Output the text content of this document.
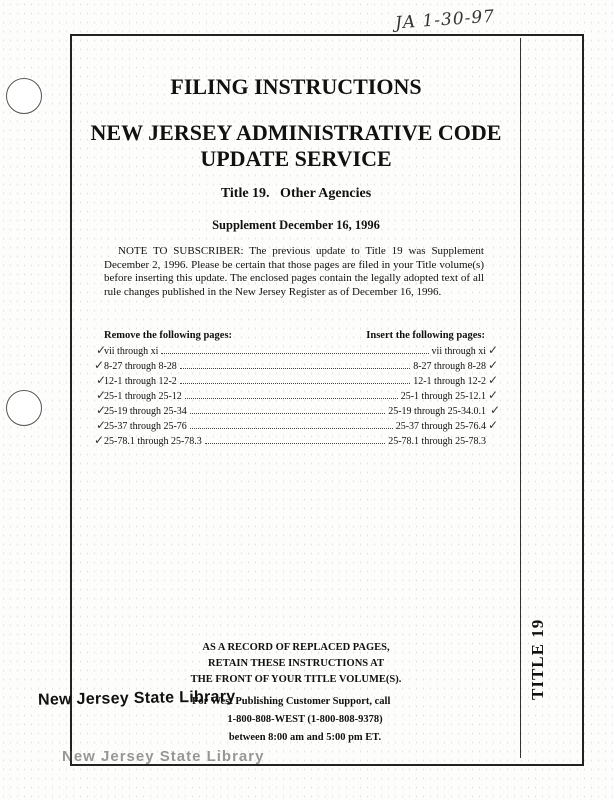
JA 1-30-97
FILING INSTRUCTIONS
NEW JERSEY ADMINISTRATIVE CODE
UPDATE SERVICE
Title 19.   Other Agencies
Supplement December 16, 1996
NOTE TO SUBSCRIBER: The previous update to Title 19 was Supplement December 2, 1996. Please be certain that those pages are filed in your Title volume(s) before inserting this update. The enclosed pages contain the legally adopted text of all rule changes published in the New Jersey Register as of December 16, 1996.
Remove the following pages:	Insert the following pages:
vii through xi	vii through xi
8-27 through 8-28	8-27 through 8-28
12-1 through 12-2	12-1 through 12-2
25-1 through 25-12	25-1 through 25-12.1
25-19 through 25-34	25-19 through 25-34.0.1
25-37 through 25-76	25-37 through 25-76.4
25-78.1 through 25-78.3	25-78.1 through 25-78.3
✓
✓
✓
✓
✓
✓
✓
✓
✓
✓
✓
✓
✓
AS A RECORD OF REPLACED PAGES,
RETAIN THESE INSTRUCTIONS AT
THE FRONT OF YOUR TITLE VOLUME(S).
New Jersey State Library
For West Publishing Customer Support, call
1-800-808-WEST (1-800-808-9378)
between 8:00 am and 5:00 pm ET.
New Jersey State Library
TITLE 19
